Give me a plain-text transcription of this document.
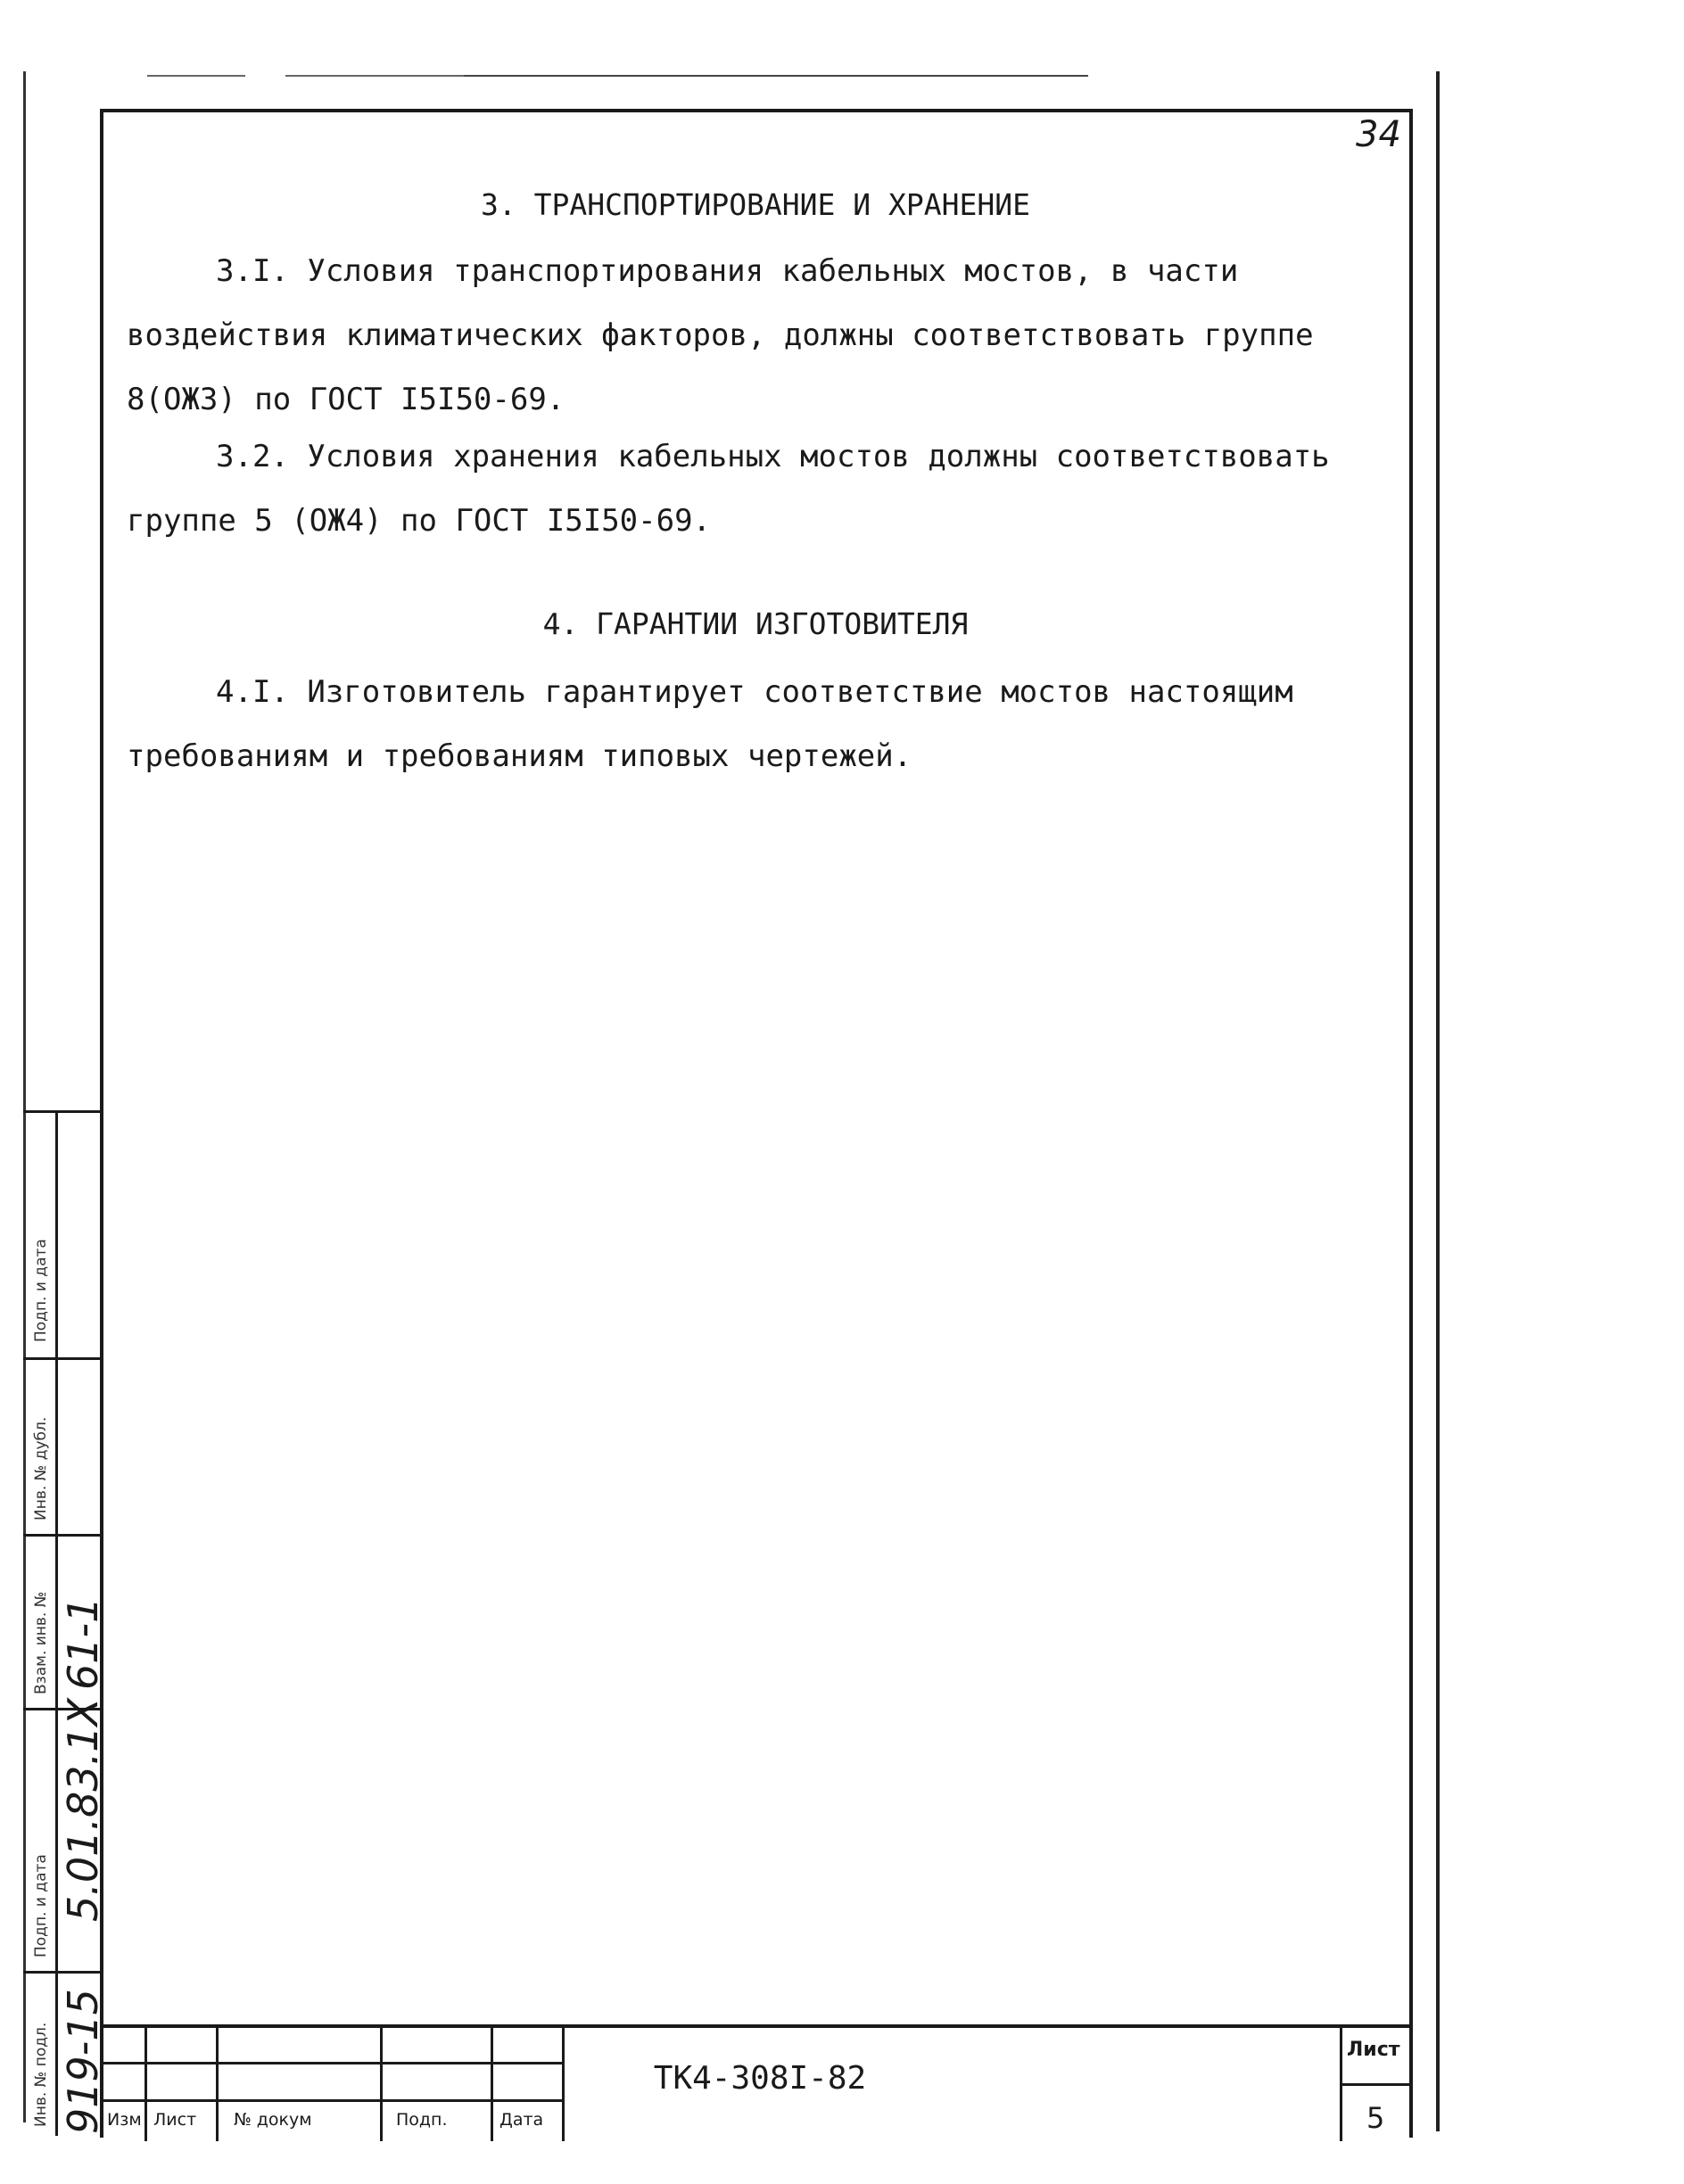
34
3. ТРАНСПОРТИРОВАНИЕ И ХРАНЕНИЕ

3.I. Условия транспортирования кабельных мостов, в части воздействия климатических факторов, должны соответствовать группе 8(ОЖ3) по ГОСТ I5I50-69.

3.2. Условия хранения кабельных мостов должны соответствовать группе 5 (ОЖ4) по ГОСТ I5I50-69.

4. ГАРАНТИИ ИЗГОТОВИТЕЛЯ

4.I. Изготовитель гарантирует соответствие мостов настоящим требованиям и требованиям типовых чертежей.

ТК4-308I-82
Лист
5
Изм Лист № докум	Подп.	Дата
Подп. и дата
Инв. № дубл.
Взам. инв. №
Подп. и дата
Инв. № подл.
5.01.83.1Х
61-1
919-15
